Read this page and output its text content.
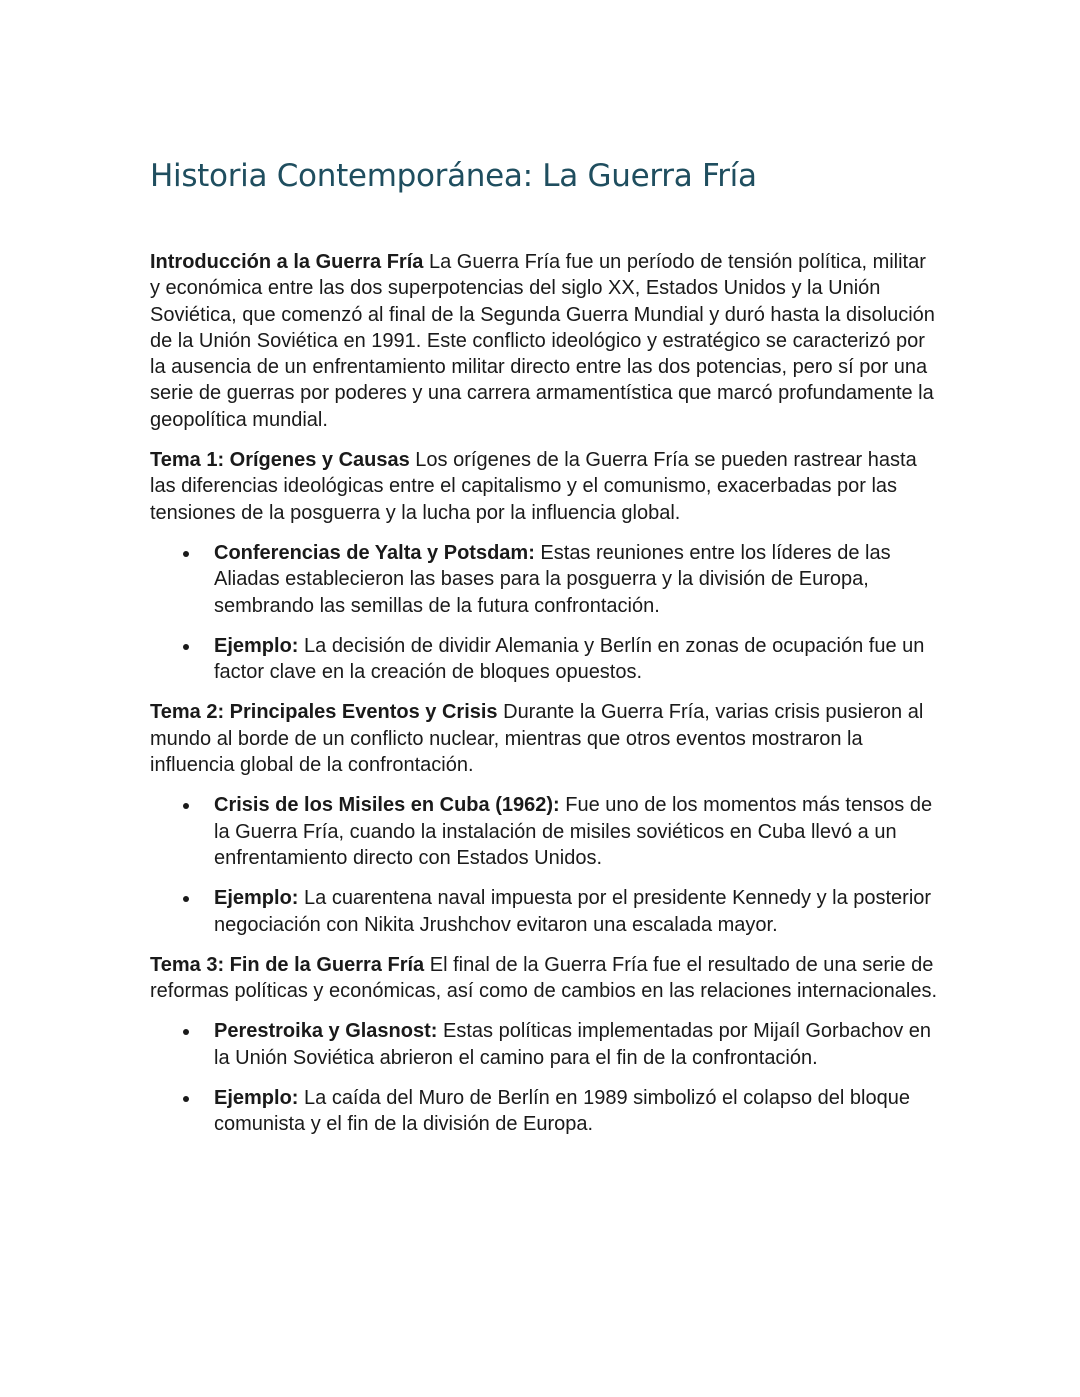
Historia Contemporánea: La Guerra Fría

Introducción a la Guerra Fría La Guerra Fría fue un período de tensión política, militar y económica entre las dos superpotencias del siglo XX, Estados Unidos y la Unión Soviética, que comenzó al final de la Segunda Guerra Mundial y duró hasta la disolución de la Unión Soviética en 1991. Este conflicto ideológico y estratégico se caracterizó por la ausencia de un enfrentamiento militar directo entre las dos potencias, pero sí por una serie de guerras por poderes y una carrera armamentística que marcó profundamente la geopolítica mundial.

Tema 1: Orígenes y Causas Los orígenes de la Guerra Fría se pueden rastrear hasta las diferencias ideológicas entre el capitalismo y el comunismo, exacerbadas por las tensiones de la posguerra y la lucha por la influencia global.

Conferencias de Yalta y Potsdam: Estas reuniones entre los líderes de las Aliadas establecieron las bases para la posguerra y la división de Europa, sembrando las semillas de la futura confrontación.
Ejemplo: La decisión de dividir Alemania y Berlín en zonas de ocupación fue un factor clave en la creación de bloques opuestos.

Tema 2: Principales Eventos y Crisis Durante la Guerra Fría, varias crisis pusieron al mundo al borde de un conflicto nuclear, mientras que otros eventos mostraron la influencia global de la confrontación.

Crisis de los Misiles en Cuba (1962): Fue uno de los momentos más tensos de la Guerra Fría, cuando la instalación de misiles soviéticos en Cuba llevó a un enfrentamiento directo con Estados Unidos.
Ejemplo: La cuarentena naval impuesta por el presidente Kennedy y la posterior negociación con Nikita Jrushchov evitaron una escalada mayor.

Tema 3: Fin de la Guerra Fría El final de la Guerra Fría fue el resultado de una serie de reformas políticas y económicas, así como de cambios en las relaciones internacionales.

Perestroika y Glasnost: Estas políticas implementadas por Mijaíl Gorbachov en la Unión Soviética abrieron el camino para el fin de la confrontación.
Ejemplo: La caída del Muro de Berlín en 1989 simbolizó el colapso del bloque comunista y el fin de la división de Europa.
